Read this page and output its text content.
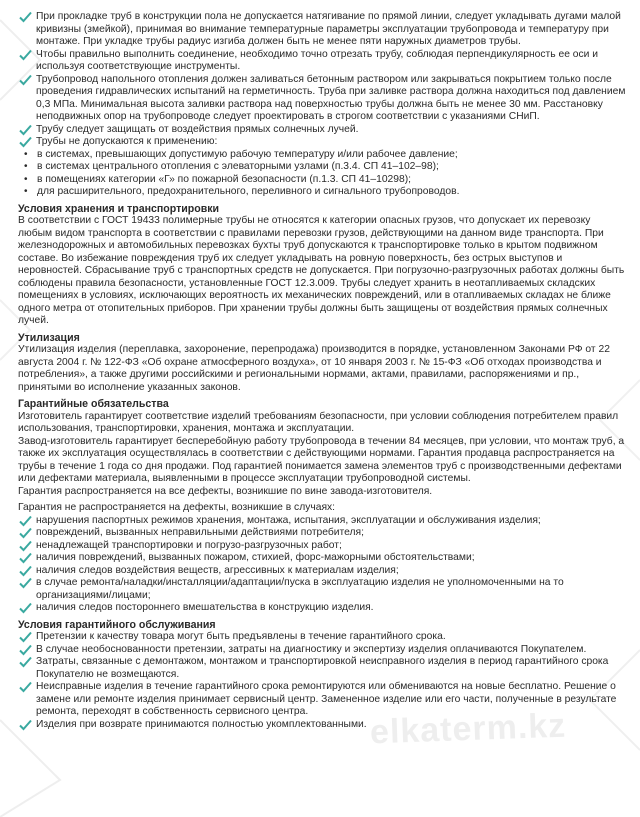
elkaterm.kz
При прокладке труб в конструкции пола не допускается натягивание по прямой линии, следует укладывать дугами малой кривизны (змейкой), принимая во внимание температурные параметры эксплуатации трубопровода и температуру при монтаже. При укладке трубы радиус изгиба должен быть не менее пяти наружных диаметров трубы.
Чтобы правильно выполнить соединение, необходимо точно отрезать трубу, соблюдая перпендикулярность ее оси и используя соответствующие инструменты.
Трубопровод напольного отопления должен заливаться бетонным раствором или закрываться покрытием только после проведения гидравлических испытаний на герметичность. Труба при заливке раствора должна находиться под давлением 0,3 МПа. Минимальная высота заливки раствора над поверхностью трубы должна быть не менее 30 мм. Расстановку неподвижных опор на трубопроводе следует проектировать в строгом соответствии с указаниями СНиП.
Трубу следует защищать от воздействия прямых солнечных лучей.
Трубы не допускаются к применению:
• в системах, превышающих допустимую рабочую температуру и/или рабочее давление;
• в системах центрального отопления с элеваторными узлами (п.3.4. СП 41–102–98);
• в помещениях категории «Г» по пожарной безопасности (п.1.3. СП 41–10298);
• для расширительного, предохранительного, переливного и сигнального трубопроводов.
Условия хранения и транспортировки
В соответствии с ГОСТ 19433 полимерные трубы не относятся к категории опасных грузов, что допускает их перевозку любым видом транспорта в соответствии с правилами перевозки грузов, действующими на данном виде транспорта. При железнодорожных и автомобильных перевозках бухты труб допускаются к транспортировке только в крытом подвижном составе. Во избежание повреждения труб их следует укладывать на ровную поверхность, без острых выступов и неровностей. Сбрасывание труб с транспортных средств не допускается. При погрузочно-разгрузочных работах должны быть соблюдены правила безопасности, установленные ГОСТ 12.3.009. Трубы следует хранить в неотапливаемых складских помещениях в условиях, исключающих вероятность их механических повреждений, или в отапливаемых складах не ближе одного метра от отопительных приборов. При хранении трубы должны быть защищены от воздействия прямых солнечных лучей.
Утилизация
Утилизация изделия (переплавка, захоронение, перепродажа) производится в порядке, установленном Законами РФ от 22 августа 2004 г. № 122-ФЗ «Об охране атмосферного воздуха», от 10 января 2003 г. № 15-ФЗ «Об отходах производства и потребления», а также другими российскими и региональными нормами, актами, правилами, распоряжениями и пр., принятыми во исполнение указанных законов.
Гарантийные обязательства
Изготовитель гарантирует соответствие изделий требованиям безопасности, при условии соблюдения потребителем правил использования, транспортировки, хранения, монтажа и эксплуатации.
Завод-изготовитель гарантирует бесперебойную работу трубопровода в течении 84 месяцев, при условии, что монтаж труб, а также их эксплуатация осуществлялась в соответствии с действующими нормами. Гарантия продавца распространяется на трубы в течение 1 года со дня продажи. Под гарантией понимается замена элементов труб с производственными дефектами или дефектами материала, выявленными в процессе эксплуатации трубопроводной системы.
Гарантия распространяется на все дефекты, возникшие по вине завода-изготовителя.
Гарантия не распространяется на дефекты, возникшие в случаях:
нарушения паспортных режимов хранения, монтажа, испытания, эксплуатации и обслуживания изделия;
повреждений, вызванных неправильными действиями потребителя;
ненадлежащей транспортировки и погрузо-разгрузочных работ;
наличия повреждений, вызванных пожаром, стихией, форс-мажорными обстоятельствами;
наличия следов воздействия веществ, агрессивных к материалам изделия;
в случае ремонта/наладки/инсталляции/адаптации/пуска в эксплуатацию изделия не уполномоченными на то организациями/лицами;
наличия следов постороннего вмешательства в конструкцию изделия.
Условия гарантийного обслуживания
Претензии к качеству товара могут быть предъявлены в течение гарантийного срока.
В случае необоснованности претензии, затраты на диагностику и экспертизу изделия оплачиваются Покупателем.
Затраты, связанные с демонтажом, монтажом и транспортировкой неисправного изделия в период гарантийного срока Покупателю не возмещаются.
Неисправные изделия в течение гарантийного срока ремонтируются или обмениваются на новые бесплатно. Решение о замене или ремонте изделия принимает сервисный центр. Замененное изделие или его части, полученные в результате ремонта, переходят в собственность сервисного центра.
Изделия при возврате принимаются полностью укомплектованными.
